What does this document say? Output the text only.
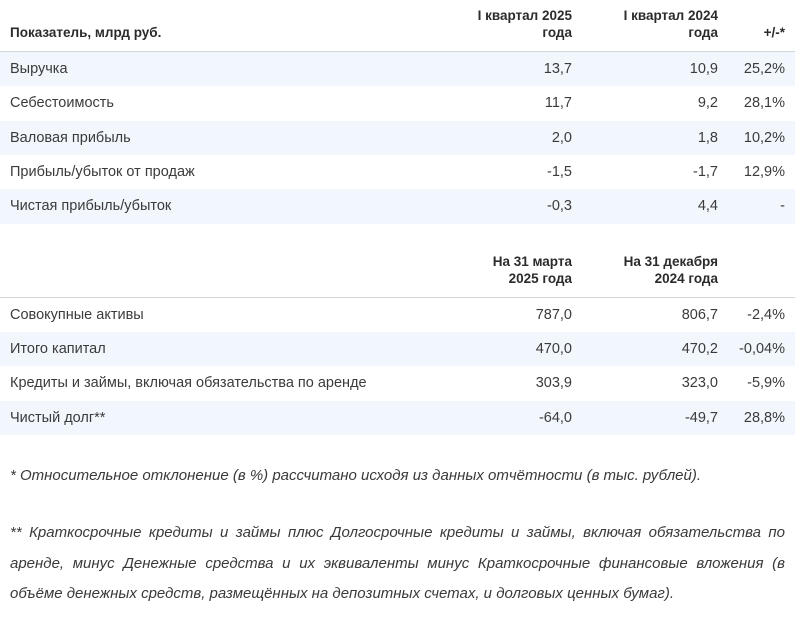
Показатель, млрд руб.	I квартал 2025 года	I квартал 2024 года	+/-*
Выручка	13,7	10,9	25,2%
Себестоимость	11,7	9,2	28,1%
Валовая прибыль	2,0	1,8	10,2%
Прибыль/убыток от продаж	-1,5	-1,7	12,9%
Чистая прибыль/убыток	-0,3	4,4	-
	На 31 марта 2025 года	На 31 декабря 2024 года	
Совокупные активы	787,0	806,7	-2,4%
Итого капитал	470,0	470,2	-0,04%
Кредиты и займы, включая обязательства по аренде	303,9	323,0	-5,9%
Чистый долг**	-64,0	-49,7	28,8%

* Относительное отклонение (в %) рассчитано исходя из данных отчётности (в тыс. рублей).

** Краткосрочные кредиты и займы плюс Долгосрочные кредиты и займы, включая обязательства по аренде, минус Денежные средства и их эквиваленты минус Краткосрочные финансовые вложения (в объёме денежных средств, размещённых на депозитных счетах, и долговых ценных бумаг).
